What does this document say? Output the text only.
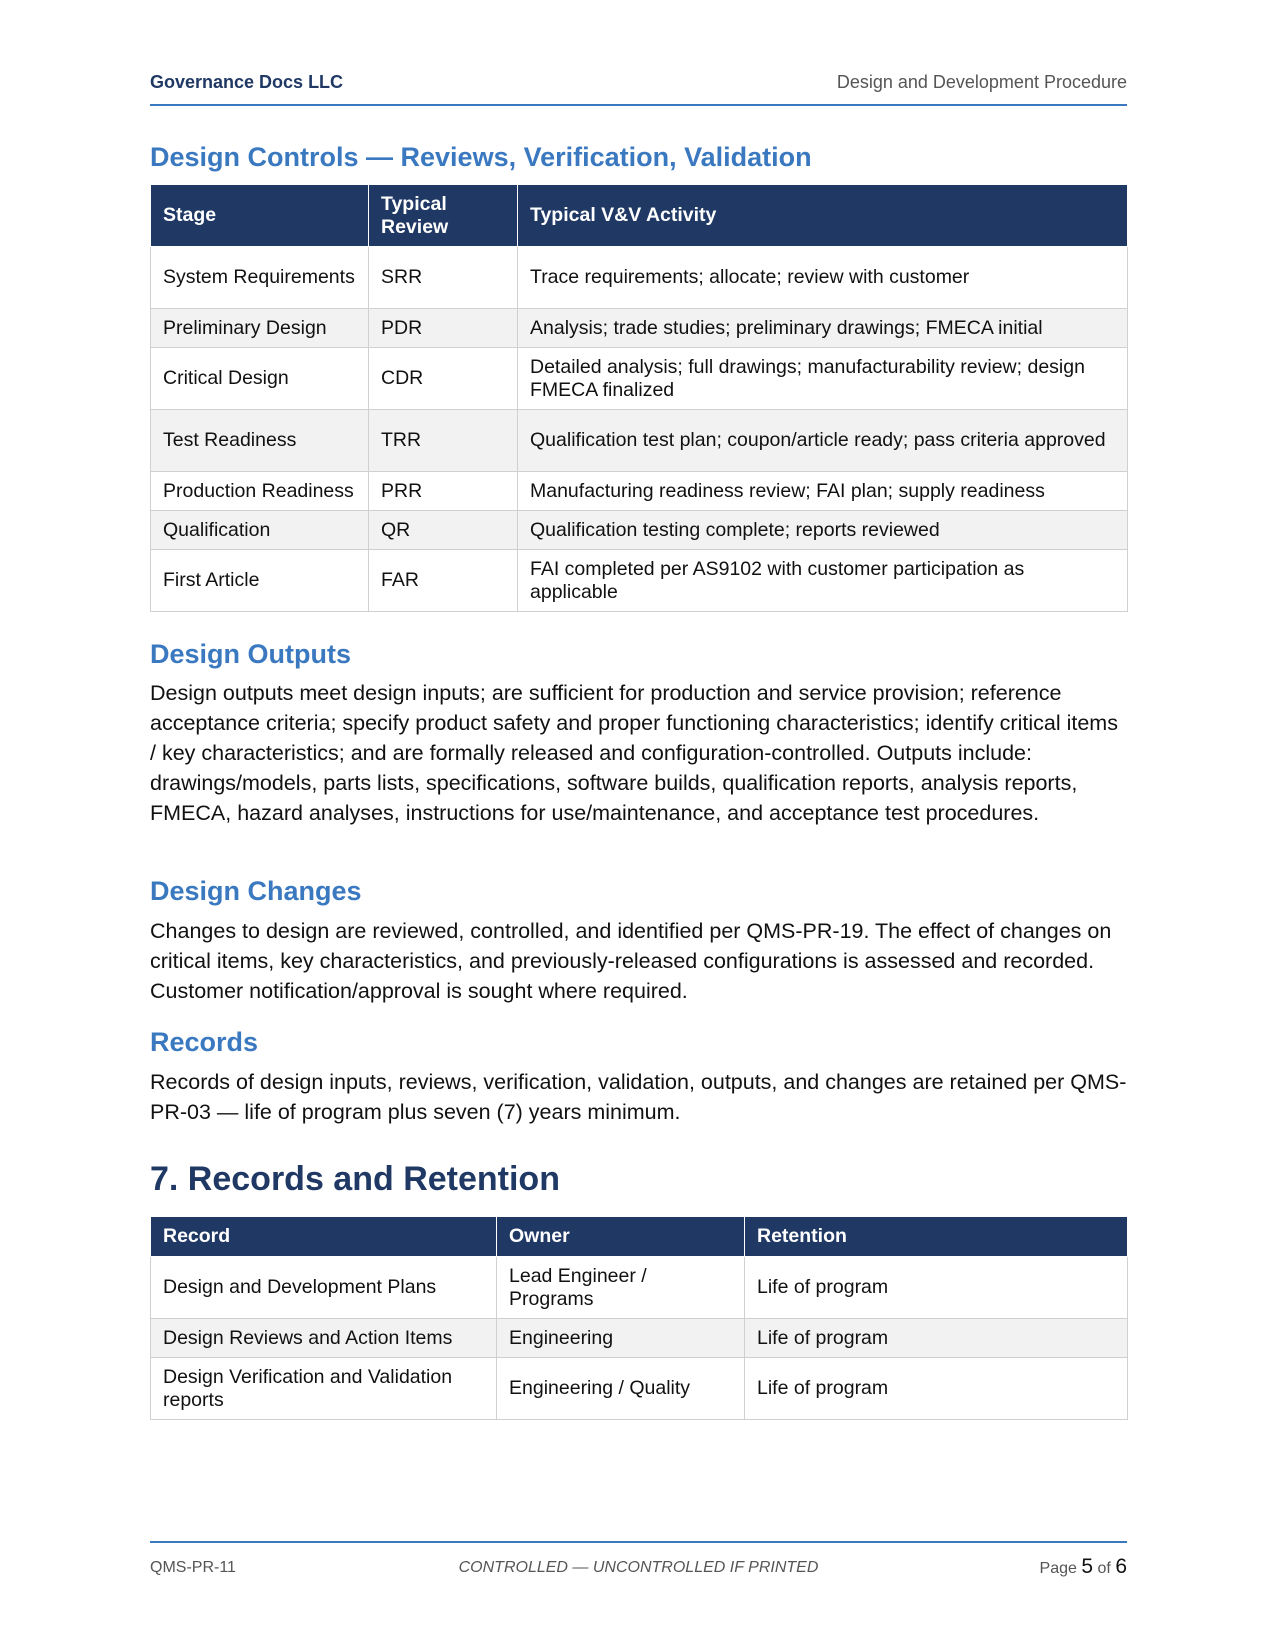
Governance Docs LLC	Design and Development Procedure
Design Controls — Reviews, Verification, Validation
Stage	Typical Review	Typical V&V Activity
System Requirements	SRR	Trace requirements; allocate; review with customer
Preliminary Design	PDR	Analysis; trade studies; preliminary drawings; FMECA initial
Critical Design	CDR	Detailed analysis; full drawings; manufacturability review; design FMECA finalized
Test Readiness	TRR	Qualification test plan; coupon/article ready; pass criteria approved
Production Readiness	PRR	Manufacturing readiness review; FAI plan; supply readiness
Qualification	QR	Qualification testing complete; reports reviewed
First Article	FAR	FAI completed per AS9102 with customer participation as applicable
Design Outputs

Design outputs meet design inputs; are sufficient for production and service provision; reference acceptance criteria; specify product safety and proper functioning characteristics; identify critical items / key characteristics; and are formally released and configuration-controlled. Outputs include: drawings/models, parts lists, specifications, software builds, qualification reports, analysis reports, FMECA, hazard analyses, instructions for use/maintenance, and acceptance test procedures.

Design Changes

Changes to design are reviewed, controlled, and identified per QMS-PR-19. The effect of changes on critical items, key characteristics, and previously-released configurations is assessed and recorded. Customer notification/approval is sought where required.

Records

Records of design inputs, reviews, verification, validation, outputs, and changes are retained per QMS-PR-03 — life of program plus seven (7) years minimum.

7. Records and Retention
Record	Owner	Retention
Design and Development Plans	Lead Engineer / Programs	Life of program
Design Reviews and Action Items	Engineering	Life of program
Design Verification and Validation reports	Engineering / Quality	Life of program
QMS-PR-11	CONTROLLED — UNCONTROLLED IF PRINTED	Page 5 of 6
